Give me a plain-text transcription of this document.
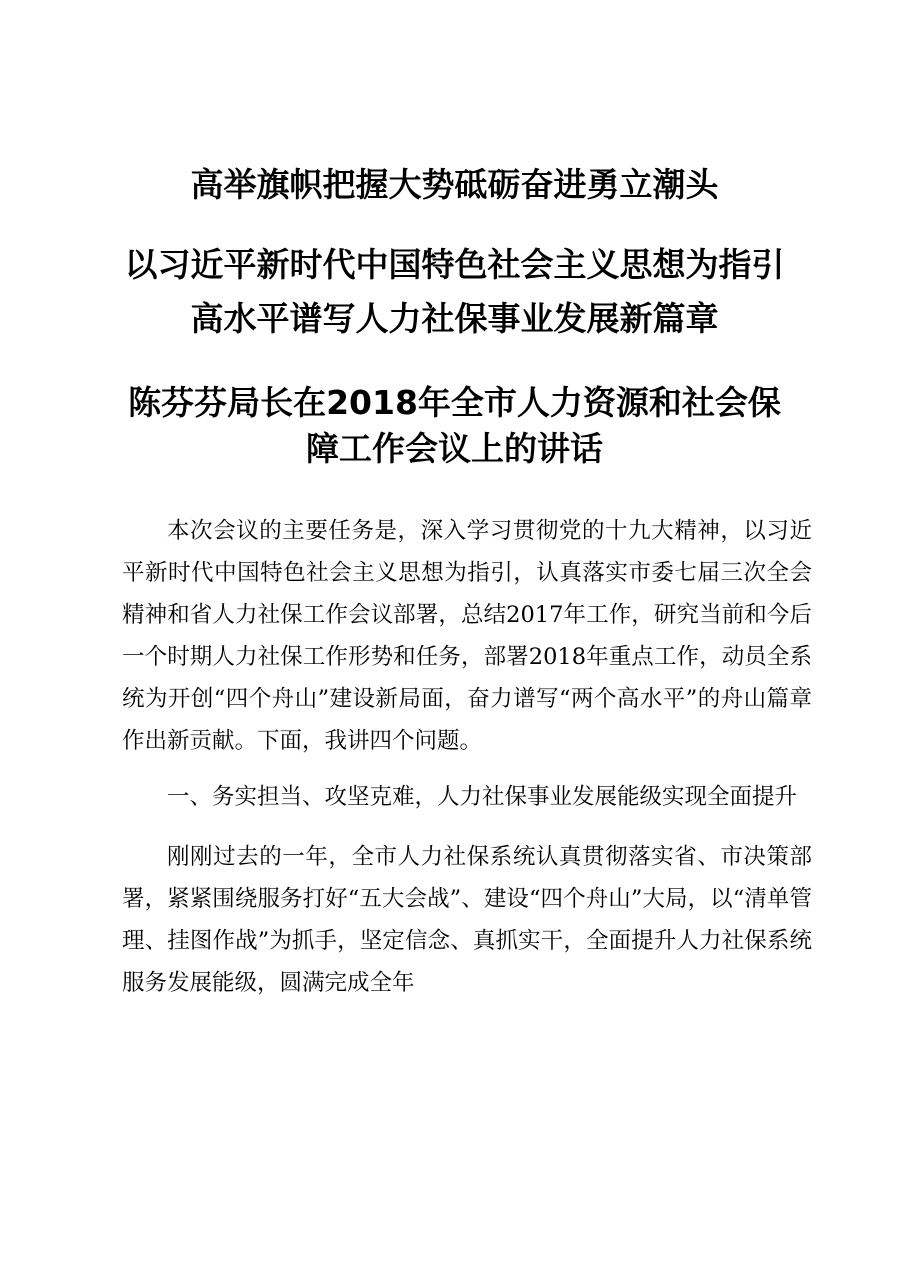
高举旗帜把握大势砥砺奋进勇立潮头
以习近平新时代中国特色社会主义思想为指引
高水平谱写人力社保事业发展新篇章
陈芬芬局长在2018年全市人力资源和社会保
障工作会议上的讲话

本次会议的主要任务是，深入学习贯彻党的十九大精神，以习近平新时代中国特色社会主义思想为指引，认真落实市委七届三次全会精神和省人力社保工作会议部署，总结2017年工作，研究当前和今后一个时期人力社保工作形势和任务，部署2018年重点工作，动员全系统为开创“四个舟山”建设新局面，奋力谱写“两个高水平”的舟山篇章作出新贡献。下面，我讲四个问题。

一、务实担当、攻坚克难，人力社保事业发展能级实现全面提升

刚刚过去的一年，全市人力社保系统认真贯彻落实省、市决策部署，紧紧围绕服务打好“五大会战”、建设“四个舟山”大局，以“清单管理、挂图作战”为抓手，坚定信念、真抓实干，全面提升人力社保系统服务发展能级，圆满完成全年
